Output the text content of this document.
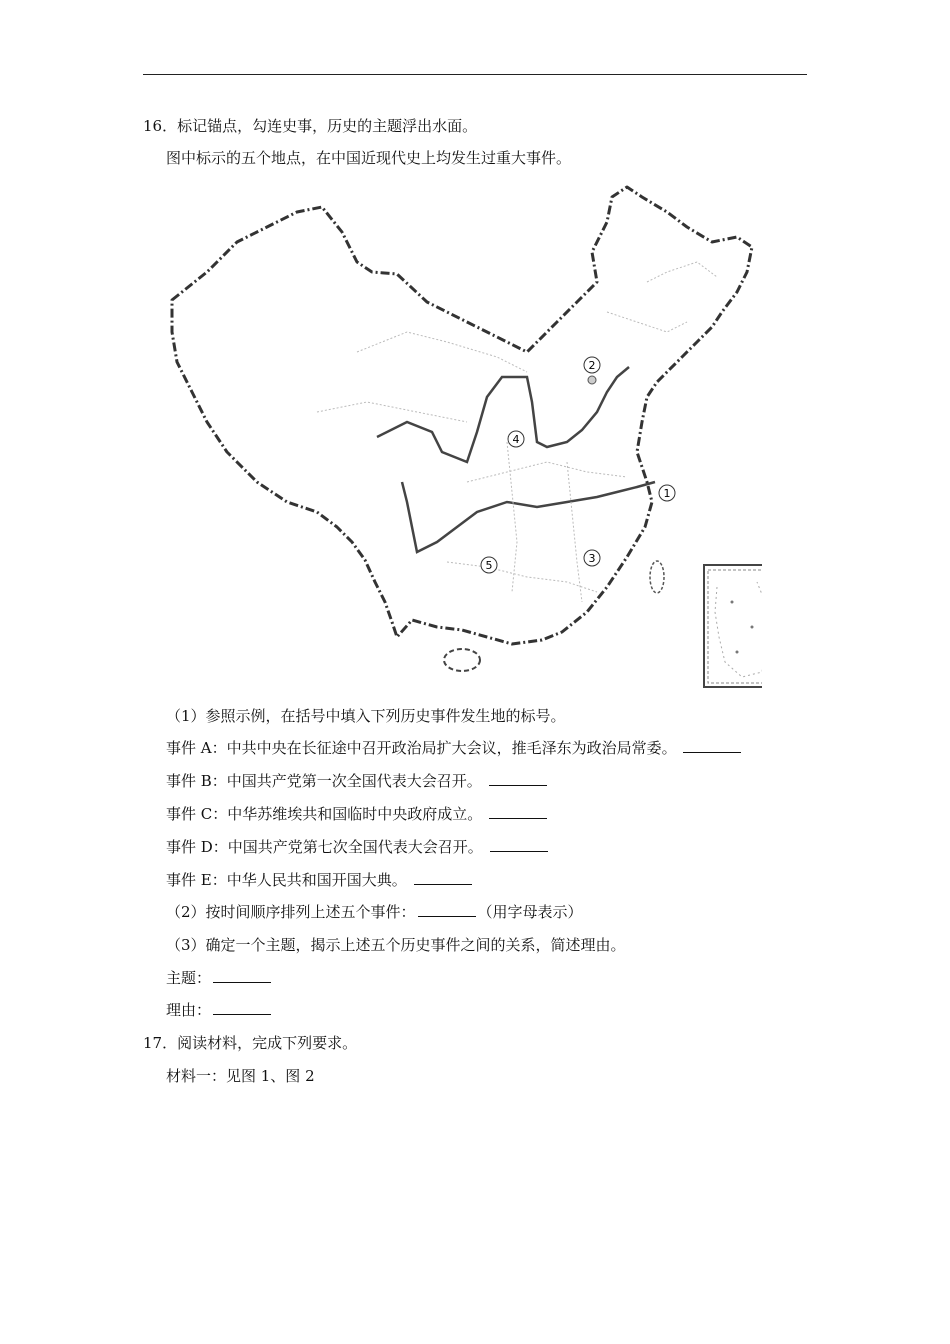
16．标记锚点，勾连史事，历史的主题浮出水面。
图中标示的五个地点，在中国近现代史上均发生过重大事件。
1
2
3
4
5
（1）参照示例，在括号中填入下列历史事件发生地的标号。
事件 A：中共中央在长征途中召开政治局扩大会议，推毛泽东为政治局常委。
事件 B：中国共产党第一次全国代表大会召开。
事件 C：中华苏维埃共和国临时中央政府成立。
事件 D：中国共产党第七次全国代表大会召开。
事件 E：中华人民共和国开国大典。
（2）按时间顺序排列上述五个事件：	（用字母表示）
（3）确定一个主题，揭示上述五个历史事件之间的关系，简述理由。
主题：
理由：
17．阅读材料，完成下列要求。
材料一：见图 1、图 2
